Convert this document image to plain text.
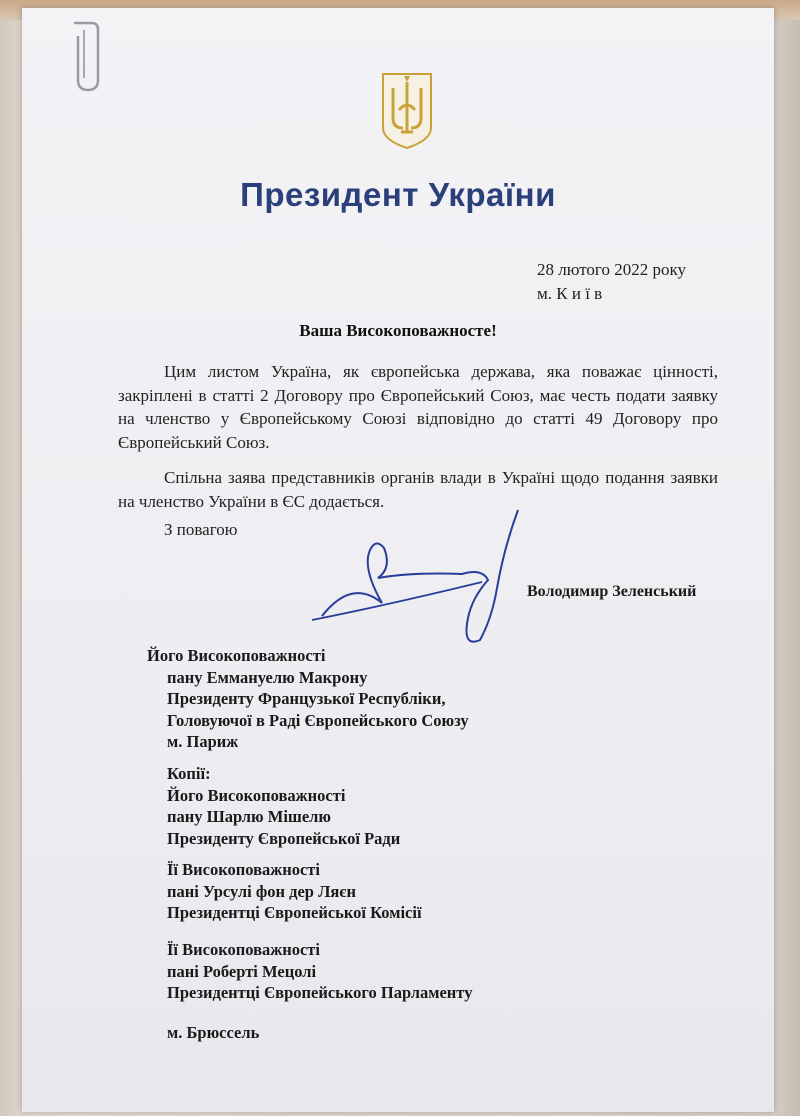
Президент України
28 лютого 2022 року
м. К и ї в

Ваша Високоповажносте!

Цим листом Україна, як європейська держава, яка поважає цінності, закріплені в статті 2 Договору про Європейський Союз, має честь подати заявку на членство у Європейському Союзі відповідно до статті 49 Договору про Європейський Союз.

Спільна заява представників органів влади в Україні щодо подання заявки на членство України в ЄС додається.

З повагою
Володимир Зеленський
Його Високоповажності
пану Еммануелю Макрону
Президенту Французької Республіки,
Головуючої в Раді Європейського Союзу
м. Париж
Копії:
Його Високоповажності
пану Шарлю Мішелю
Президенту Європейської Ради
Її Високоповажності
пані Урсулі фон дер Ляєн
Президентці Європейської Комісії
Її Високоповажності
пані Роберті Мецолі
Президентці Європейського Парламенту
м. Брюссель
